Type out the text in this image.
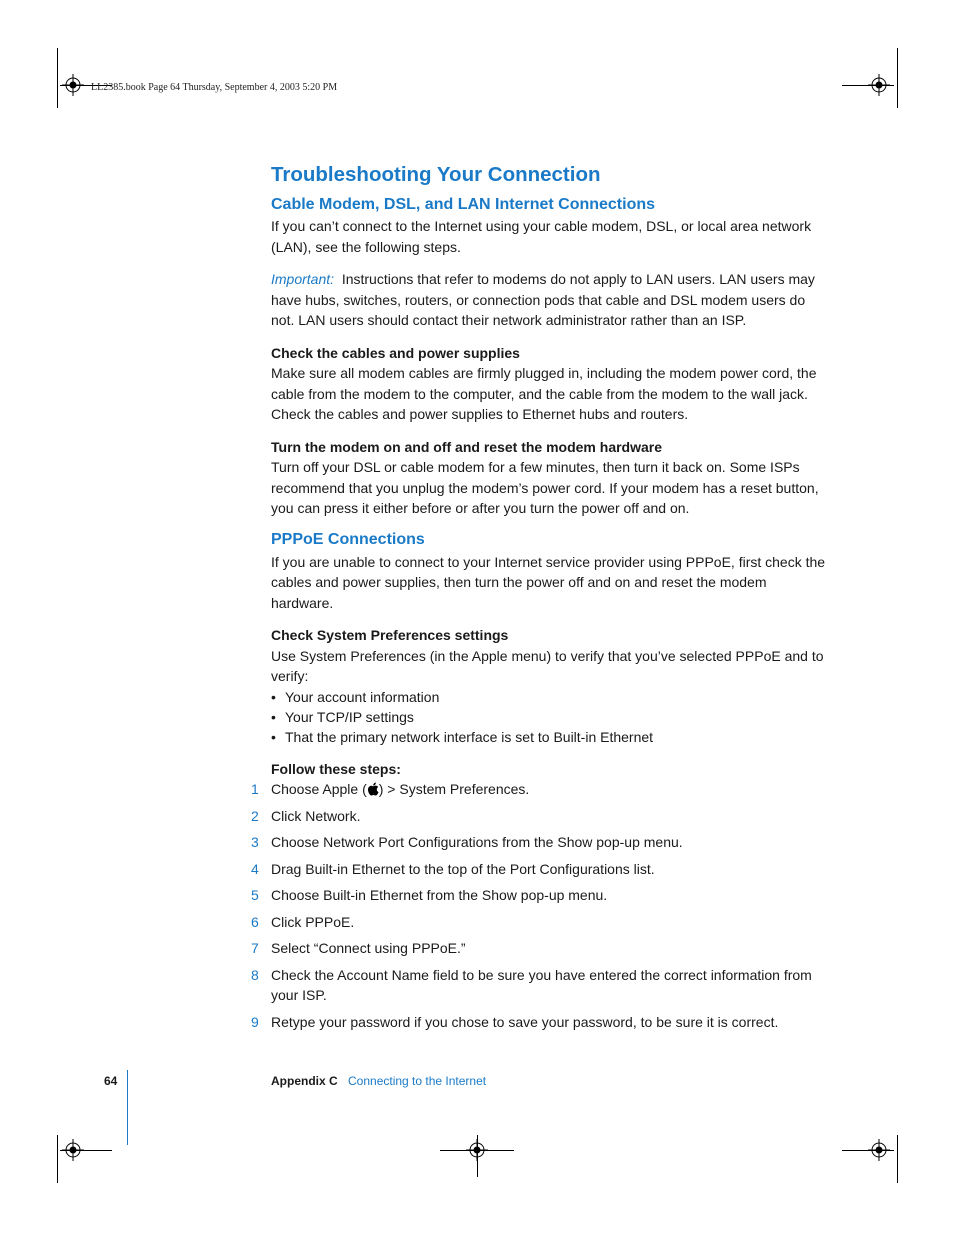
LL2385.book Page 64 Thursday, September 4, 2003 5:20 PM
Troubleshooting Your Connection
Cable Modem, DSL, and LAN Internet Connections

If you can’t connect to the Internet using your cable modem, DSL, or local area network (LAN), see the following steps.

Important: Instructions that refer to modems do not apply to LAN users. LAN users may have hubs, switches, routers, or connection pods that cable and DSL modem users do not. LAN users should contact their network administrator rather than an ISP.

Check the cables and power supplies

Make sure all modem cables are firmly plugged in, including the modem power cord, the cable from the modem to the computer, and the cable from the modem to the wall jack. Check the cables and power supplies to Ethernet hubs and routers.

Turn the modem on and off and reset the modem hardware

Turn off your DSL or cable modem for a few minutes, then turn it back on. Some ISPs recommend that you unplug the modem’s power cord. If your modem has a reset button, you can press it either before or after you turn the power off and on.

PPPoE Connections

If you are unable to connect to your Internet service provider using PPPoE, first check the cables and power supplies, then turn the power off and on and reset the modem hardware.

Check System Preferences settings

Use System Preferences (in the Apple menu) to verify that you’ve selected PPPoE and to verify:

• Your account information
• Your TCP/IP settings
• That the primary network interface is set to Built-in Ethernet

Follow these steps:

1 Choose Apple ( ) > System Preferences.
2 Click Network.
3 Choose Network Port Configurations from the Show pop-up menu.
4 Drag Built-in Ethernet to the top of the Port Configurations list.
5 Choose Built-in Ethernet from the Show pop-up menu.
6 Click PPPoE.
7 Select “Connect using PPPoE.”
8 Check the Account Name field to be sure you have entered the correct information from your ISP.
9 Retype your password if you chose to save your password, to be sure it is correct.
64	Appendix C Connecting to the Internet
